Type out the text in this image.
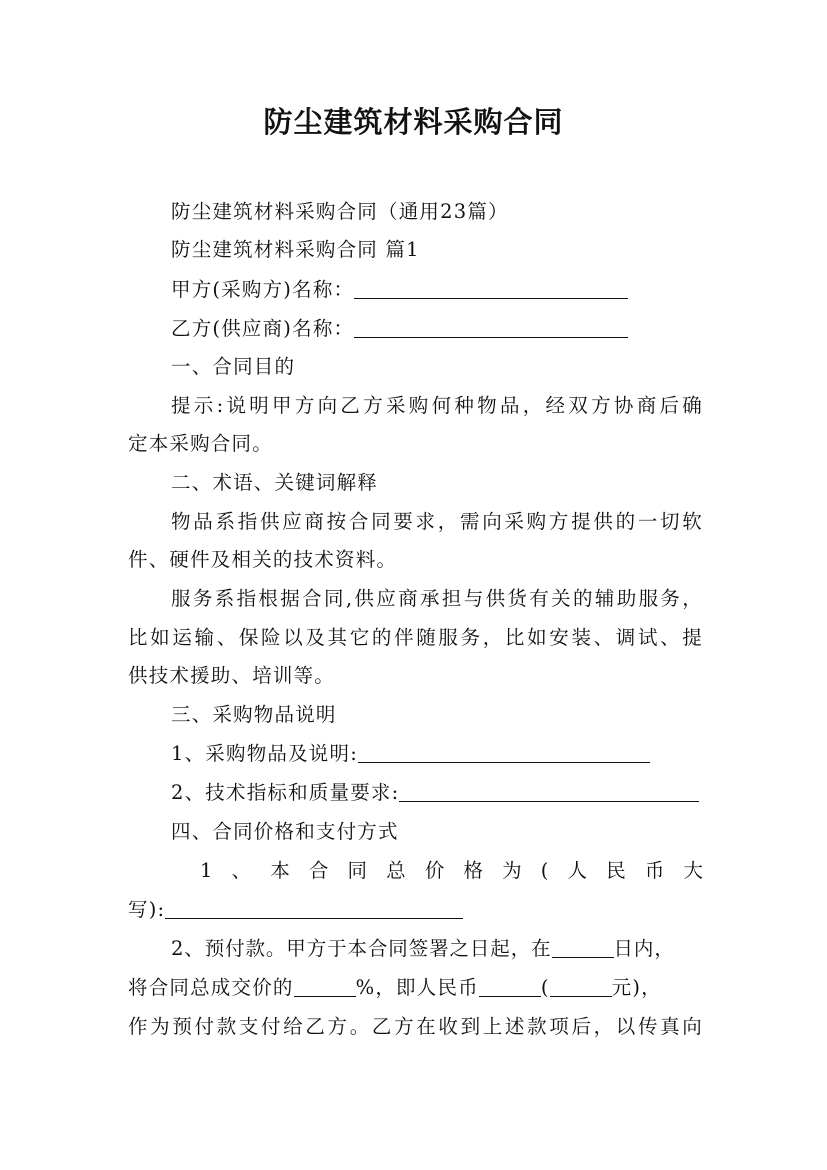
防尘建筑材料采购合同
防尘建筑材料采购合同（通用23篇）
防尘建筑材料采购合同 篇1
甲方(采购方)名称：
乙方(供应商)名称：
一、合同目的
提示:说明甲方向乙方采购何种物品，经双方协商后确
定本采购合同。
二、术语、关键词解释
物品系指供应商按合同要求，需向采购方提供的一切软
件、硬件及相关的技术资料。
服务系指根据合同,供应商承担与供货有关的辅助服务，
比如运输、保险以及其它的伴随服务，比如安装、调试、提
供技术援助、培训等。
三、采购物品说明
1、采购物品及说明:
2、技术指标和质量要求:
四、合同价格和支付方式
1、本合同总价格为(人民币大
写):
2、预付款。甲方于本合同签署之日起，在	日内，
将合同总成交价的	%，即人民币	(	元)，
作为预付款支付给乙方。乙方在收到上述款项后，以传真向
